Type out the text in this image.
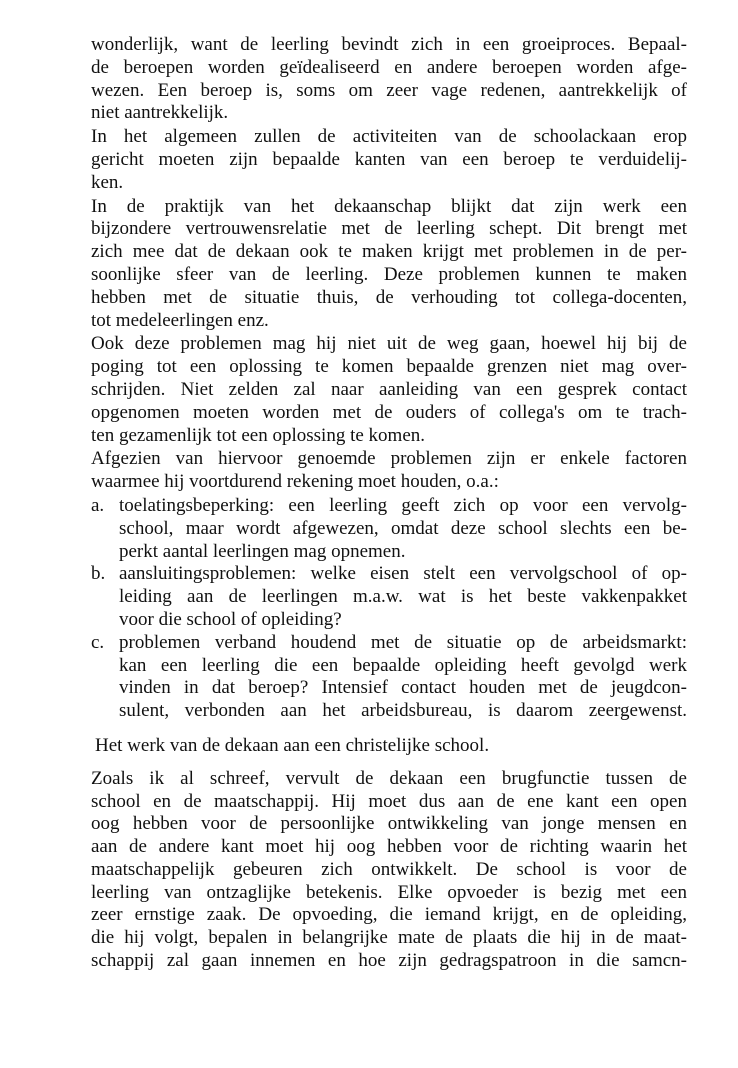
wonderlijk, want de leerling bevindt zich in een groeiproces. Bepaal-
de beroepen worden geïdealiseerd en andere beroepen worden afge-
wezen. Een beroep is, soms om zeer vage redenen, aantrekkelijk of
niet aantrekkelijk.
In het algemeen zullen de activiteiten van de schoolackaan erop
gericht moeten zijn bepaalde kanten van een beroep te verduidelij-
ken.
In de praktijk van het dekaanschap blijkt dat zijn werk een
bijzondere vertrouwensrelatie met de leerling schept. Dit brengt met
zich mee dat de dekaan ook te maken krijgt met problemen in de per-
soonlijke sfeer van de leerling. Deze problemen kunnen te maken
hebben met de situatie thuis, de verhouding tot collega-docenten,
tot medeleerlingen enz.
Ook deze problemen mag hij niet uit de weg gaan, hoewel hij bij de
poging tot een oplossing te komen bepaalde grenzen niet mag over-
schrijden. Niet zelden zal naar aanleiding van een gesprek contact
opgenomen moeten worden met de ouders of collega's om te trach-
ten gezamenlijk tot een oplossing te komen.
Afgezien van hiervoor genoemde problemen zijn er enkele factoren
waarmee hij voortdurend rekening moet houden, o.a.:
a. toelatingsbeperking: een leerling geeft zich op voor een vervolg-
school, maar wordt afgewezen, omdat deze school slechts een be-
perkt aantal leerlingen mag opnemen.
b. aansluitingsproblemen: welke eisen stelt een vervolgschool of op-
leiding aan de leerlingen m.a.w. wat is het beste vakkenpakket
voor die school of opleiding?
c. problemen verband houdend met de situatie op de arbeidsmarkt:
kan een leerling die een bepaalde opleiding heeft gevolgd werk
vinden in dat beroep? Intensief contact houden met de jeugdcon-
sulent, verbonden aan het arbeidsbureau, is daarom zeergewenst.
Het werk van de dekaan aan een christelijke school.
Zoals ik al schreef, vervult de dekaan een brugfunctie tussen de
school en de maatschappij. Hij moet dus aan de ene kant een open
oog hebben voor de persoonlijke ontwikkeling van jonge mensen en
aan de andere kant moet hij oog hebben voor de richting waarin het
maatschappelijk gebeuren zich ontwikkelt. De school is voor de
leerling van ontzaglijke betekenis. Elke opvoeder is bezig met een
zeer ernstige zaak. De opvoeding, die iemand krijgt, en de opleiding,
die hij volgt, bepalen in belangrijke mate de plaats die hij in de maat-
schappij zal gaan innemen en hoe zijn gedragspatroon in die samcn-
